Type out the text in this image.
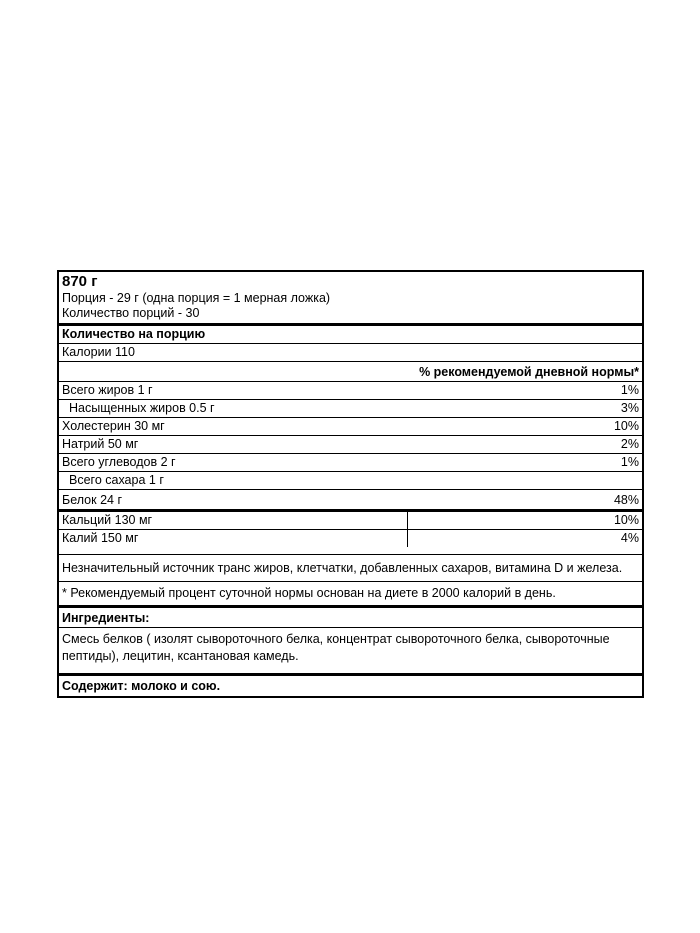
870 г
Порция - 29 г (одна порция = 1 мерная ложка)
Количество порций - 30
Количество на порцию
Калории 110
% рекомендуемой дневной нормы*
Всего жиров 1 г	1%
Насыщенных жиров 0.5 г	3%
Холестерин 30 мг	10%
Натрий 50 мг	2%
Всего углеводов 2 г	1%
Всего сахара 1 г
Белок 24 г	48%
Кальций 130 мг	10%
Калий 150 мг	4%
Незначительный источник транс жиров, клетчатки, добавленных сахаров, витамина D и железа.
* Рекомендуемый процент суточной нормы основан на диете в 2000 калорий в день.
Ингредиенты:
Смесь белков ( изолят сывороточного белка, концентрат сывороточного белка, сывороточные пептиды), лецитин, ксантановая камедь.
Содержит: молоко и сою.
